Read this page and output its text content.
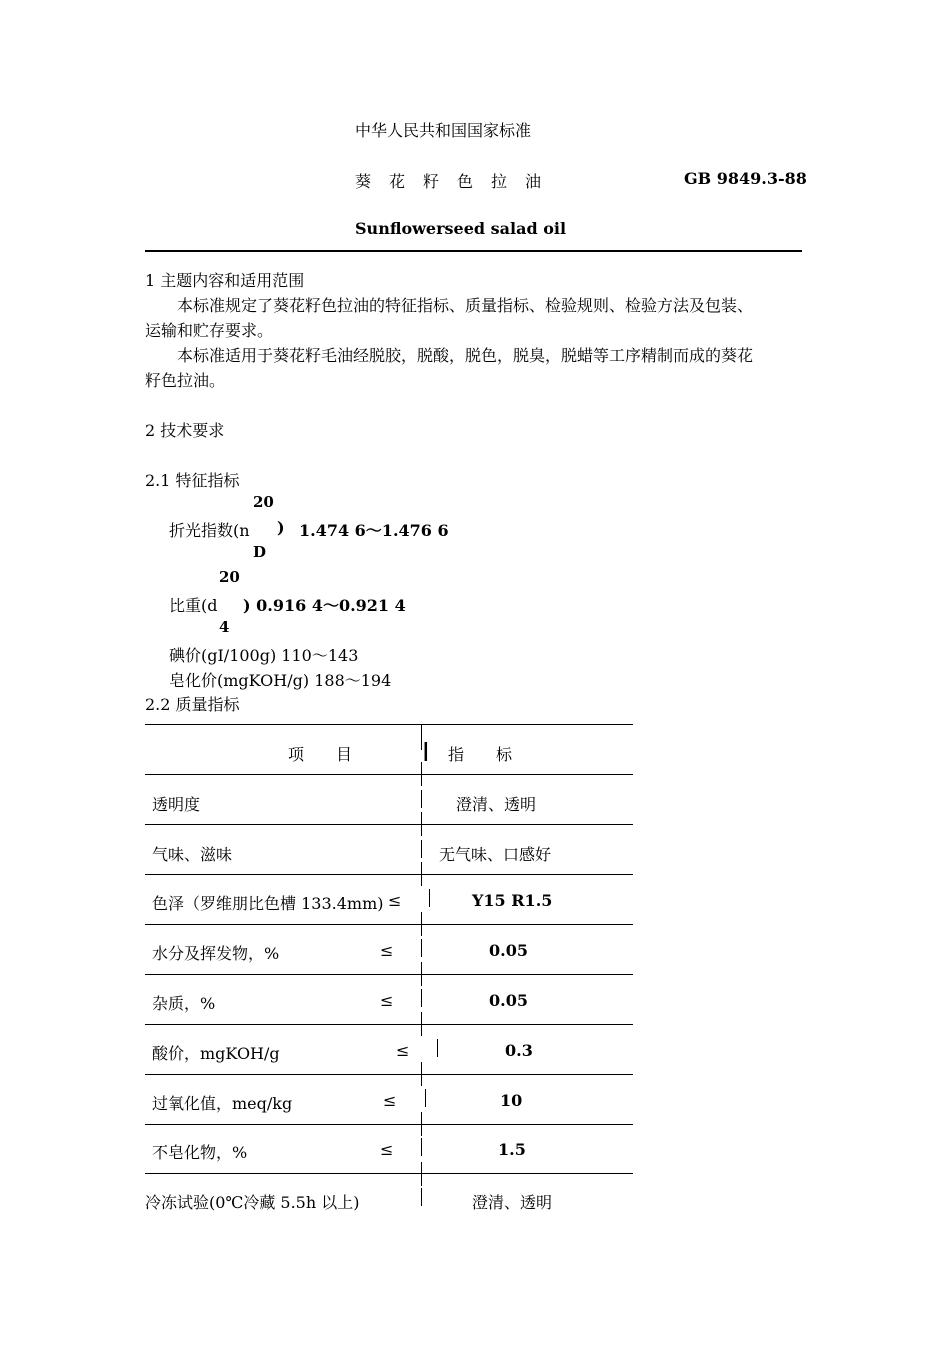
中华人民共和国国家标准
葵　花　籽　色　拉　油	GB 9849.3-88
Sunflowerseed salad oil
1 主题内容和适用范围
本标准规定了葵花籽色拉油的特征指标、质量指标、检验规则、检验方法及包装、
运输和贮存要求。
本标准适用于葵花籽毛油经脱胶，脱酸，脱色，脱臭，脱蜡等工序精制而成的葵花
籽色拉油。
2 技术要求
2.1 特征指标
20
折光指数(n ) 1.474 6～1.476 6
D
20
比重(d ) 0.916 4～0.921 4
4
碘价(gI/100g) 110～143
皂化价(mgKOH/g) 188～194
2.2 质量指标
项　　目	┃ 指　　标
透明度	澄清、透明
气味、滋味	无气味、口感好
色泽（罗维朋比色槽 133.4mm) ≤	Y15 R1.5
水分及挥发物，%	≤	0.05
杂质，%	≤	0.05
酸价，mgKOH/g	≤	0.3
过氧化值，meq/kg	≤	10
不皂化物，%	≤	1.5
冷冻试验(0℃冷藏 5.5h 以上)	澄清、透明
